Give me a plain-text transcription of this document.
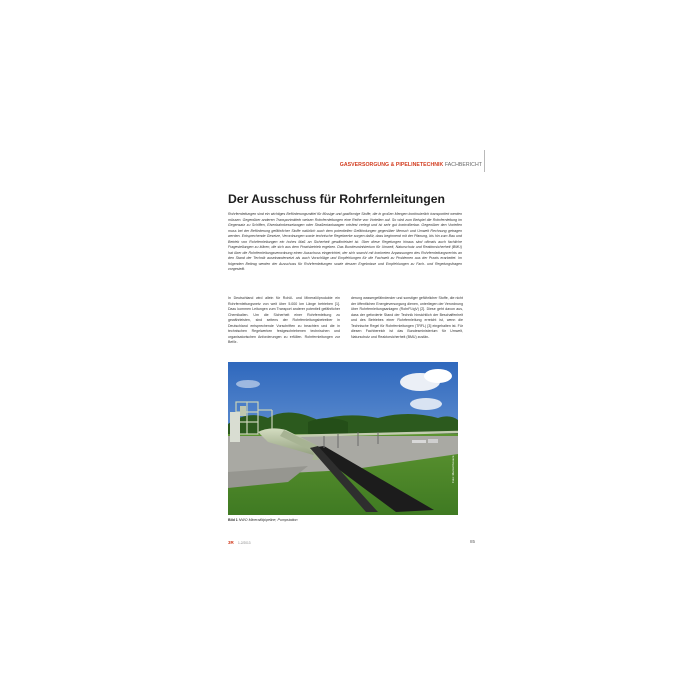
GASVERSORGUNG & PIPELINETECHNIK FACHBERICHT
Der Ausschuss für Rohrfernleitungen

Rohrfernleitungen sind ein wichtiges Beförderungsmittel für flüssige und gasförmige Stoffe, die in großen Mengen kontinuierlich transportiert werden müssen. Gegenüber anderen Transportmitteln weisen Rohrfernleitungen eine Reihe von Vorteilen auf. So wird zum Beispiel die Rohrfernleitung im Gegensatz zu Schiffen, Eisenbahnkesselwagen oder Straßentankwagen ortsfest verlegt und ist sehr gut kontrollierbar. Gegenüber den Vorteilen muss bei der Beförderung gefährlicher Stoffe natürlich auch dem potentiellen Gefährdungen gegenüber Mensch und Umwelt Rechnung getragen werden. Entsprechende Gesetze, Verordnungen sowie technische Regelwerke sorgen dafür, dass beginnend mit der Planung, bis hin zum Bau und Betrieb von Rohrfernleitungen ein hohes Maß an Sicherheit gewährleistet ist. Über diese Regelungen hinaus sind oftmals auch fachliche Fragestellungen zu klären, die sich aus dem Praxisbetrieb ergeben. Das Bundesministerium für Umwelt, Naturschutz und Reaktorsicherheit (BMU) hat über die Rohrfernleitungsverordnung einen Ausschuss eingerichtet, der sich sowohl mit konkreten Anpassungen des Rohrfernleitungsrechts an den Stand der Technik auseinandersetzt als auch Vorschläge und Empfehlungen für die Fachwelt zu Problemen aus der Praxis erarbeitet. Im folgenden Beitrag werden der Ausschuss für Rohrfernleitungen sowie dessen Ergebnisse und Empfehlungen zu Fach- und Regelungsfragen vorgestellt.

In Deutschland wird allein für Rohöl- und Mineralölprodukte ein Rohrfernleitungsnetz von weit über 5.000 km Länge betrieben [1]. Dazu kommen Leitungen zum Transport anderer potentiell gefährlicher Chemikalien. Um die Sicherheit einer Rohrfernleitung zu gewährleisten, sind seitens der Rohrfernleitungsbetreiber in Deutschland entsprechende Vorschriften zu beachten und die in technischen Regelwerken festgeschriebenen technischen und organisatorischen Anforderungen zu erfüllen. Rohrfernleitungen zur Beför-

derung wassergefährdender und sonstiger gefährlicher Stoffe, die nicht der öffentlichen Energieversorgung dienen, unterliegen der Verordnung über Rohrfernleitungsanlagen (RohrFLtgV) [2]. Diese geht davon aus, dass der geforderte Stand der Technik hinsichtlich der Beschaffenheit und des Betriebes einer Rohrfernleitung erreicht ist, wenn die Technische Regel für Rohrfernleitungen (TRFL) [3] eingehalten ist. Für diesen Fachbereich ist das Bundesministerium für Umwelt, Naturschutz und Reaktorsicherheit (BMU) zustän-

Foto: Marcel Kovacs
Bild 1 NWO Mineralölpipeline, Pumpstation
3R 1-2/2013	85
